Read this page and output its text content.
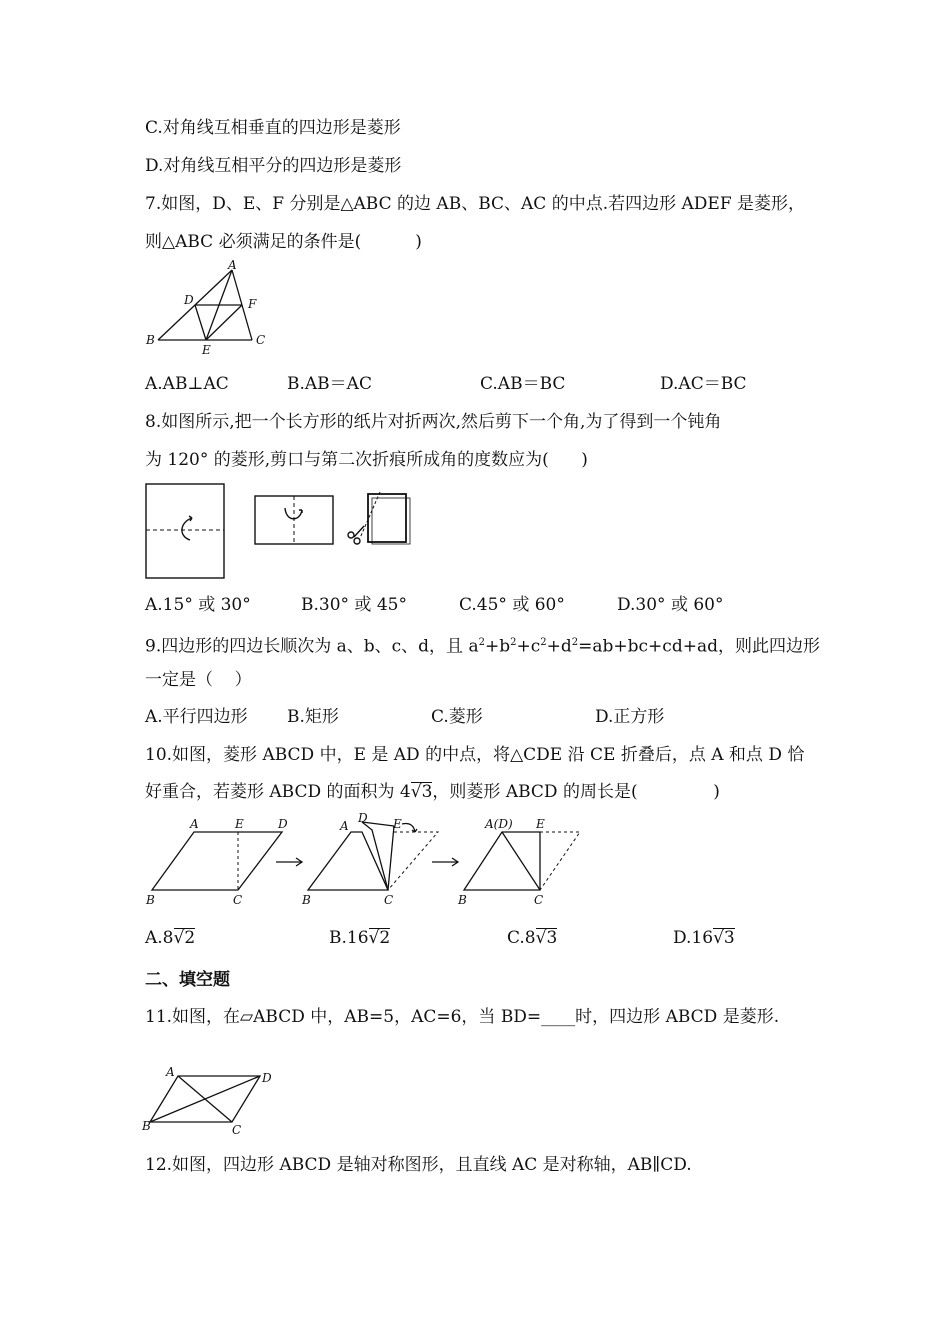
C.对角线互相垂直的四边形是菱形
D.对角线互相平分的四边形是菱形
7.如图，D、E、F 分别是△ABC 的边 AB、BC、AC 的中点.若四边形 ADEF 是菱形，
则△ABC 必须满足的条件是(          )
A
D	F
B	C
E
A.AB⊥AC	B.AB＝AC	C.AB＝BC	D.AC＝BC
8.如图所示,把一个长方形的纸片对折两次,然后剪下一个角,为了得到一个钝角
为 120° 的菱形,剪口与第二次折痕所成角的度数应为(      )
A.15° 或 30°	B.30° 或 45°	C.45° 或 60°	D.30° 或 60°
9.四边形的四边长顺次为 a、b、c、d，且 $a^2+b^2+c^2+d^2=ab+bc+cd+ad$，则此四边形
一定是（    ）
A.平行四边形 B.矩形	C.菱形	D.正方形
10.如图，菱形 ABCD 中，E 是 AD 的中点，将△CDE 沿 CE 折叠后，点 A 和点 D 恰
好重合，若菱形 ABCD 的面积为 4√
3，则菱形 ABCD 的周长是(              )
A	E	D
B	C
A
D E
B	C
A(D) E
B	C
A.8√
2	B.16√
2	C.8√
3	D.16√
3
二、填空题
11.如图，在▱ABCD 中，AB=5，AC=6，当 BD=____时，四边形 ABCD 是菱形.
A	D
B	C
12.如图，四边形 ABCD 是轴对称图形，且直线 AC 是对称轴，AB∥CD.
